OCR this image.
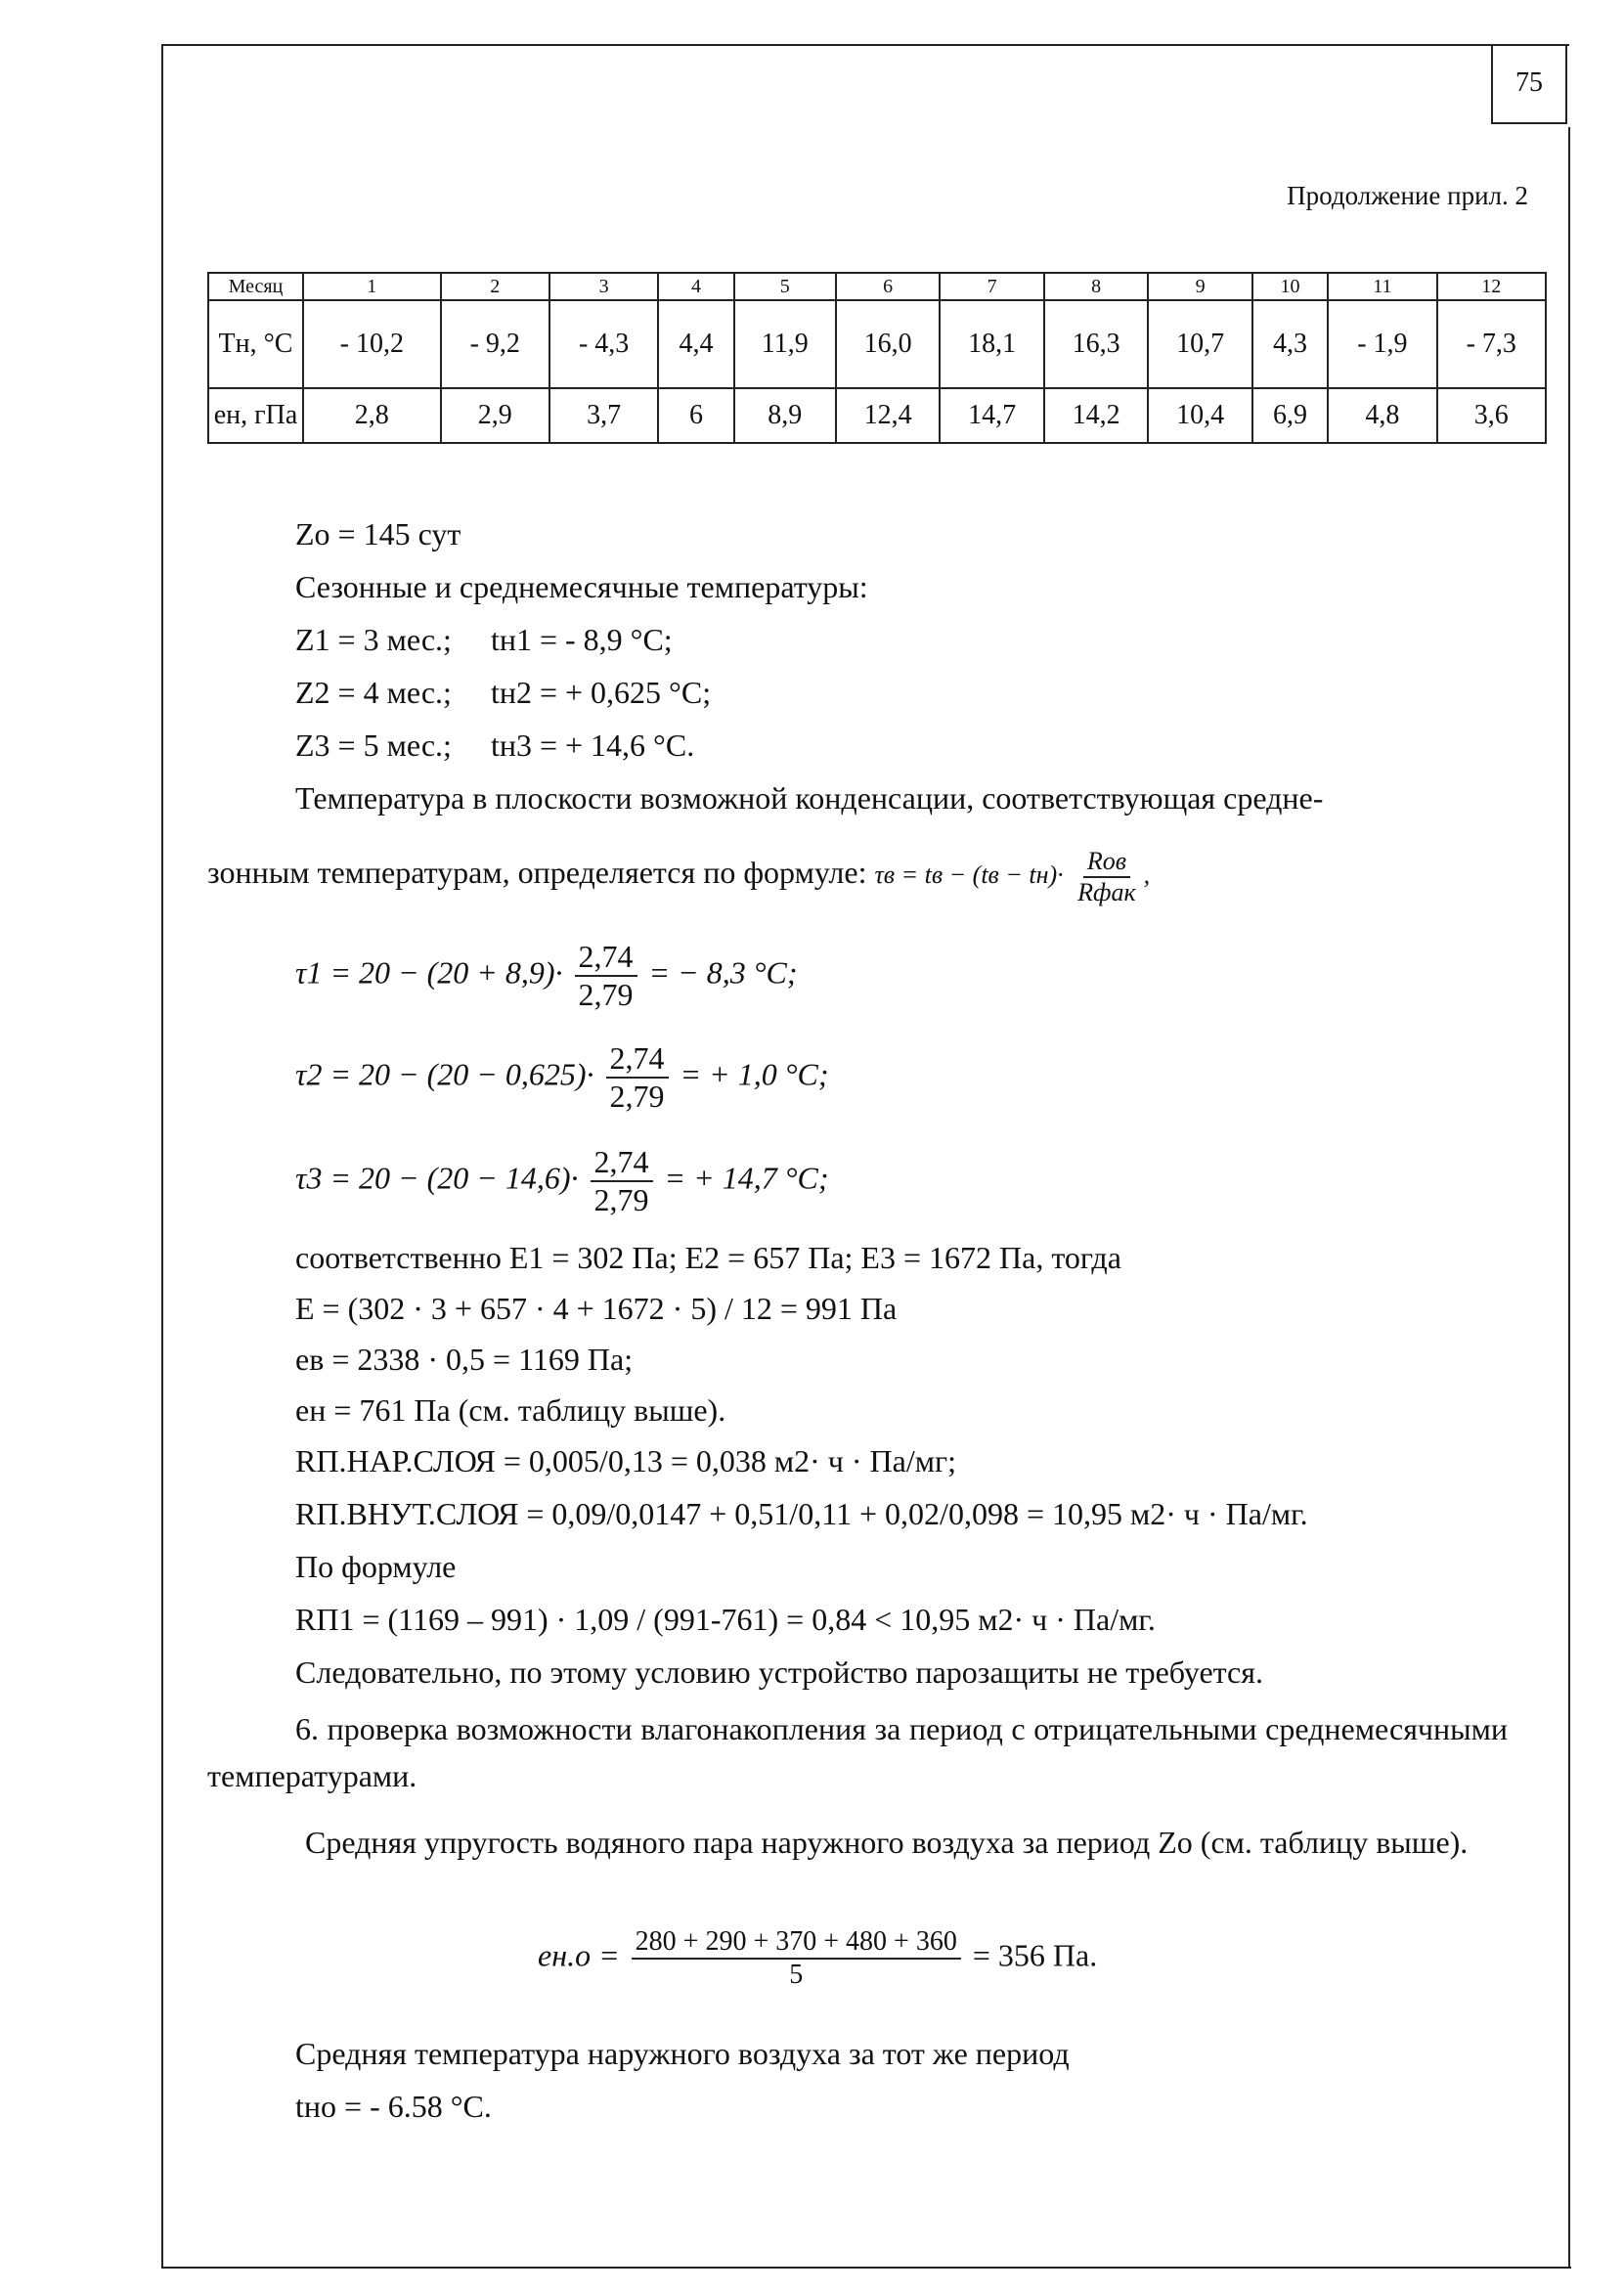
75
Продолжение прил. 2
Месяц	1	2	3	4	5	6	7	8	9	10	11	12
Тн, °С	- 10,2	- 9,2	- 4,3	4,4	11,9	16,0	18,1	16,3	10,7	4,3	- 1,9	- 7,3
ен, гПа	2,8	2,9	3,7	6	8,9	12,4	14,7	14,2	10,4	6,9	4,8	3,6
Zо = 145 сут
Сезонные и среднемесячные температуры:
Z1 = 3 мес.;     tн1 = - 8,9 °С;
Z2 = 4 мес.;     tн2 = + 0,625 °С;
Z3 = 5 мес.;     tн3 = + 14,6 °С.
Температура в плоскости возможной конденсации, соответствующая средне-
зонным температурам, определяется по формуле: τв = tв − (tв − tн)· Rов
Rфак
,
$\tau 1 = 20 - (20 + 8,9)\cdot \frac{2,74}{2,79}$ = − 8,3 °C;
$\tau 2 = 20 - (20 - 0,625)\cdot \frac{2,74}{2,79}$ = + 1,0 °C;
$\tau 3 = 20 - (20 - 14,6)\cdot \frac{2,74}{2,79}$ = + 14,7 °C;
соответственно E1 = 302 Па; E2 = 657 Па; E3 = 1672 Па, тогда
E = (302 · 3 + 657 · 4 + 1672 · 5) / 12 = 991 Па
ев = 2338 · 0,5 = 1169 Па;
ен = 761 Па (см. таблицу выше).
RП.НАР.СЛОЯ = 0,005/0,13 = 0,038 м2· ч · Па/мг;
RП.ВНУТ.СЛОЯ = 0,09/0,0147 + 0,51/0,11 + 0,02/0,098 = 10,95 м2· ч · Па/мг.
По формуле
RП1 = (1169 – 991) · 1,09 / (991-761) = 0,84 < 10,95 м2· ч · Па/мг.
Следовательно, по этому условию устройство парозащиты не требуется.
6. проверка возможности влагонакопления за период с отрицательными среднемесячными температурами.
Средняя упругость водяного пара наружного воздуха за период Zо (см. таблицу выше).
$eн.о = \frac{280 + 290 + 370 + 480 + 360}{5} = 356$ Па.
Средняя температура наружного воздуха за тот же период
tно = - 6.58 °С.
